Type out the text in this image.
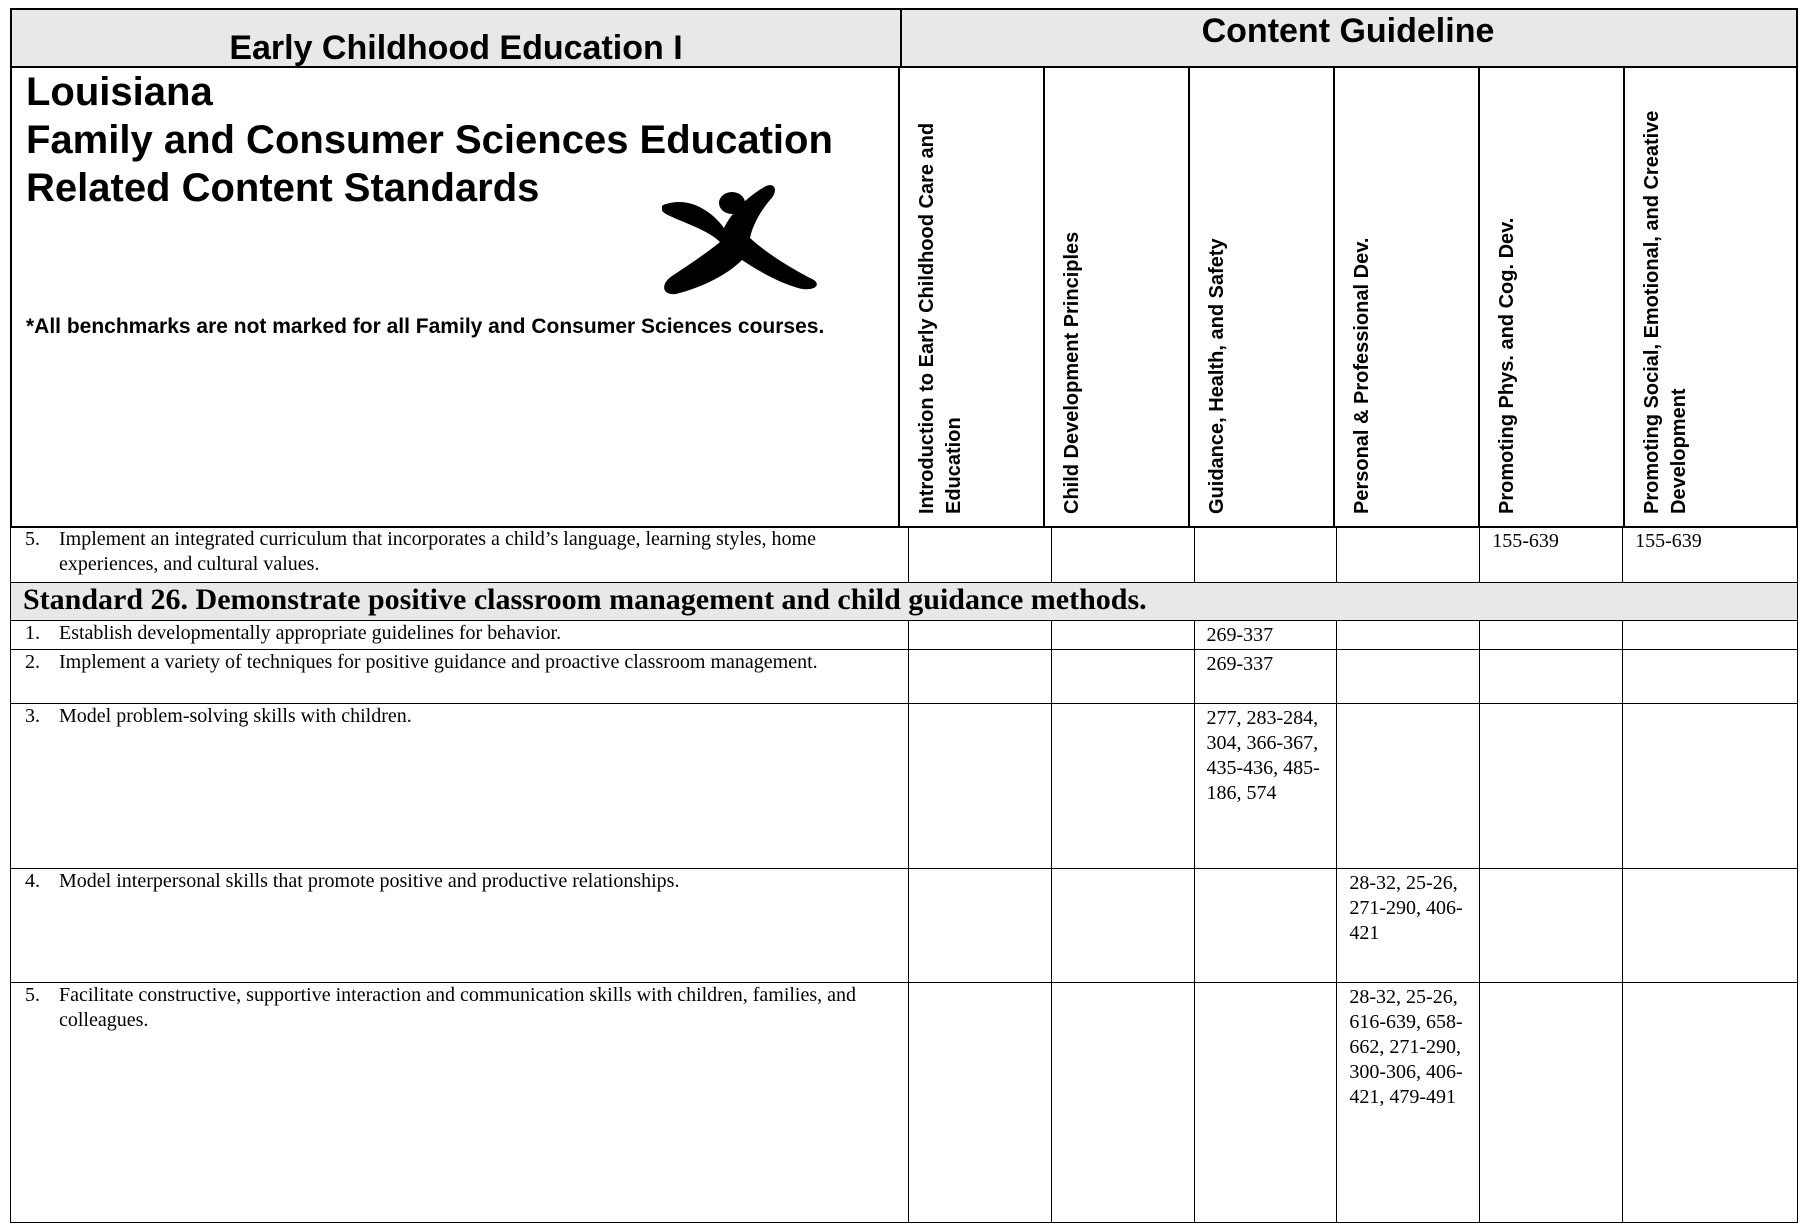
Early Childhood Education I	Content Guideline
Louisiana
Family and Consumer Sciences Education
Related Content Standards
*All benchmarks are not marked for all Family and Consumer Sciences courses.	Introduction to Early Childhood Care and Education	Child Development Principles	Guidance, Health, and Safety	Personal & Professional Dev.	Promoting Phys. and Cog. Dev.	Promoting Social, Emotional, and Creative Development
5. Implement an integrated curriculum that incorporates a child’s language, learning styles, home experiences, and cultural values.					155-639	155-639
Standard 26. Demonstrate positive classroom management and child guidance methods.						
1. Establish developmentally appropriate guidelines for behavior.			269-337			
2. Implement a variety of techniques for positive guidance and proactive classroom management.			269-337			
3. Model problem-solving skills with children.			277, 283-284, 304, 366-367, 435-436, 485-186, 574			
4. Model interpersonal skills that promote positive and productive relationships.				28-32, 25-26, 271-290, 406-421		
5. Facilitate constructive, supportive interaction and communication skills with children, families, and colleagues.				28-32, 25-26, 616-639, 658-662, 271-290, 300-306, 406-421, 479-491		
